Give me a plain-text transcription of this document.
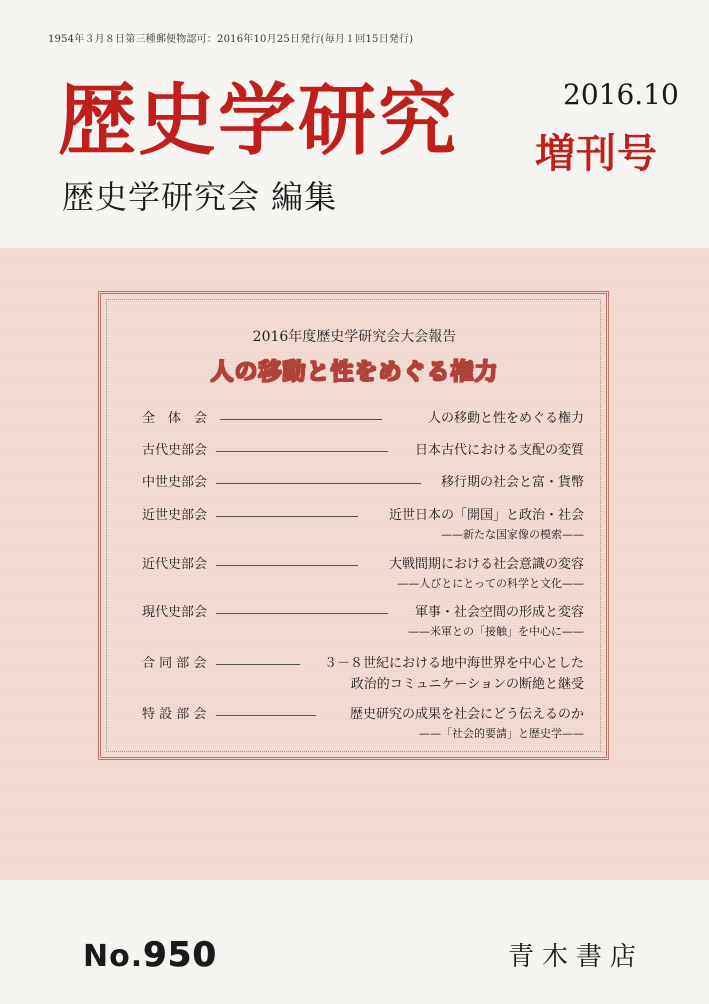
1954年３月８日第三種郵便物認可：2016年10月25日発行(毎月１回15日発行)
歴史学研究
歴史学研究会 編集
2016.10
増刊号
2016年度歴史学研究会大会報告
人の移動と性をめぐる権力
全　体　会	人の移動と性をめぐる権力
古代史部会	日本古代における支配の変質
中世史部会	移行期の社会と富・貨幣
近世史部会	近世日本の「開国」と政治・社会
——新たな国家像の模索——
近代史部会	大戦間期における社会意識の変容
——人びとにとっての科学と文化——
現代史部会	軍事・社会空間の形成と変容
——米軍との「接触」を中心に——
合 同 部 会	３－８世紀における地中海世界を中心とした
政治的コミュニケーションの断絶と継受
特 設 部 会	歴史研究の成果を社会にどう伝えるのか
——「社会的要請」と歴史学——
No.950	青木書店
